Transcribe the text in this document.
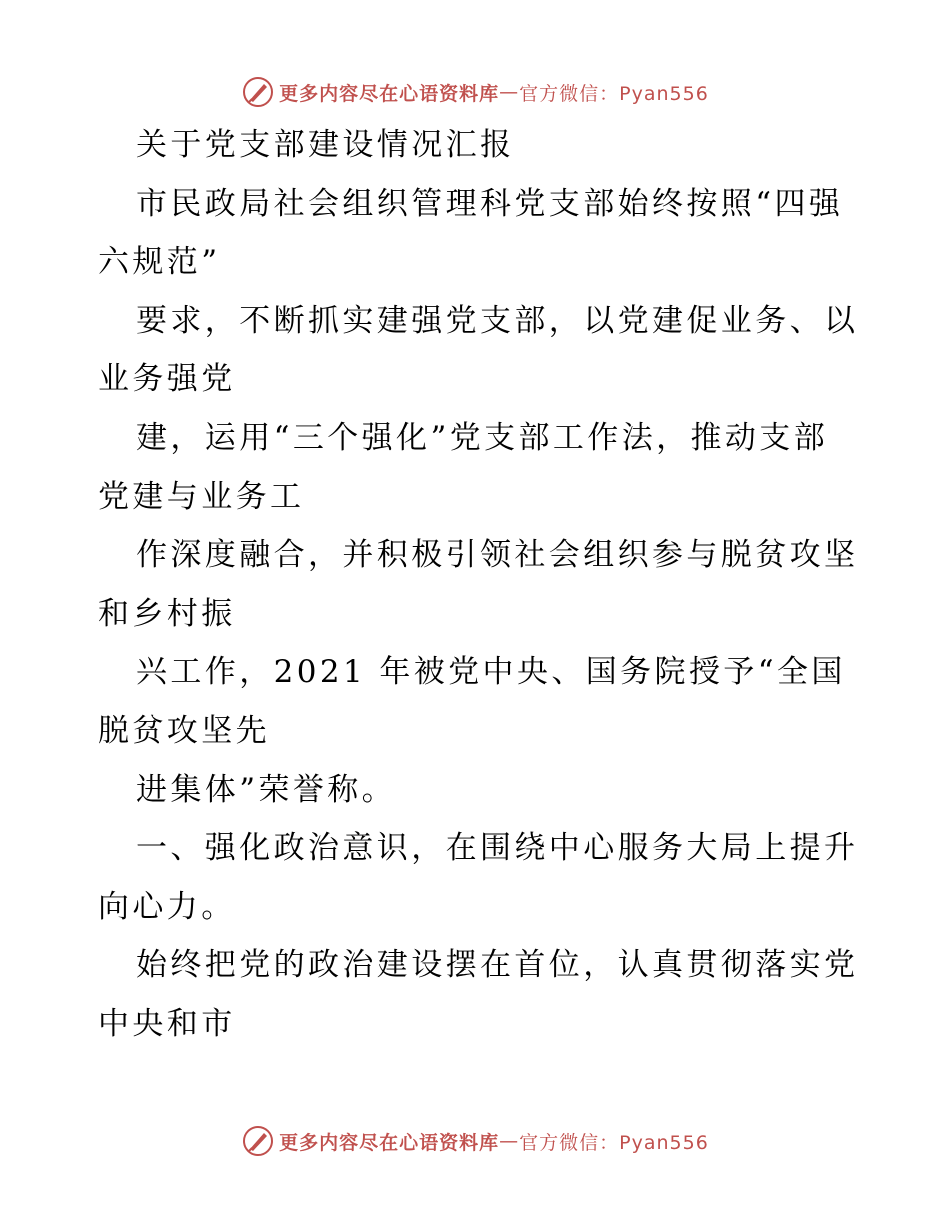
更多内容尽在心语资料库 — 官方微信：Pyan556
关于党支部建设情况汇报
市民政局社会组织管理科党支部始终按照“四强
六规范”
要求，不断抓实建强党支部，以党建促业务、以
业务强党
建，运用“三个强化”党支部工作法，推动支部
党建与业务工
作深度融合，并积极引领社会组织参与脱贫攻坚
和乡村振
兴工作，2021 年被党中央、国务院授予“全国
脱贫攻坚先
进集体”荣誉称。
一、强化政治意识，在围绕中心服务大局上提升
向心力。
始终把党的政治建设摆在首位，认真贯彻落实党
中央和市
更多内容尽在心语资料库 — 官方微信：Pyan556
